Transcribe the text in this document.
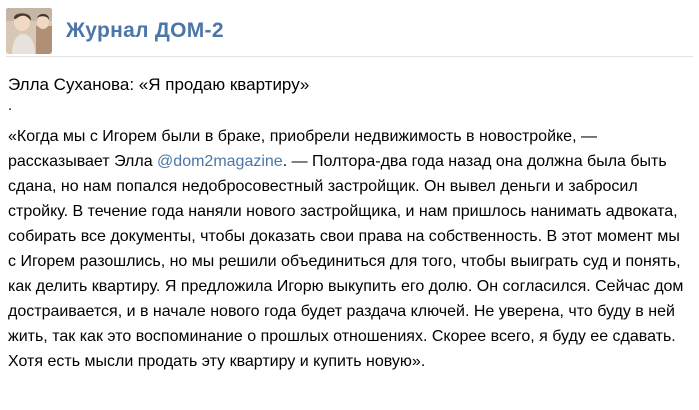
Журнал ДОМ-2
Элла Суханова: «Я продаю квартиру»
.

«Когда мы с Игорем были в браке, приобрели недвижимость в новостройке, — рассказывает Элла @dom2magazine. — Полтора-два года назад она должна была быть сдана, но нам попался недобросовестный застройщик. Он вывел деньги и забросил стройку. В течение года наняли нового застройщика, и нам пришлось нанимать адвоката, собирать все документы, чтобы доказать свои права на собственность. В этот момент мы с Игорем разошлись, но мы решили объединиться для того, чтобы выиграть суд и понять, как делить квартиру. Я предложила Игорю выкупить его долю. Он согласился. Сейчас дом достраивается, и в начале нового года будет раздача ключей. Не уверена, что буду в ней жить, так как это воспоминание о прошлых отношениях. Скорее всего, я буду ее сдавать. Хотя есть мысли продать эту квартиру и купить новую».
